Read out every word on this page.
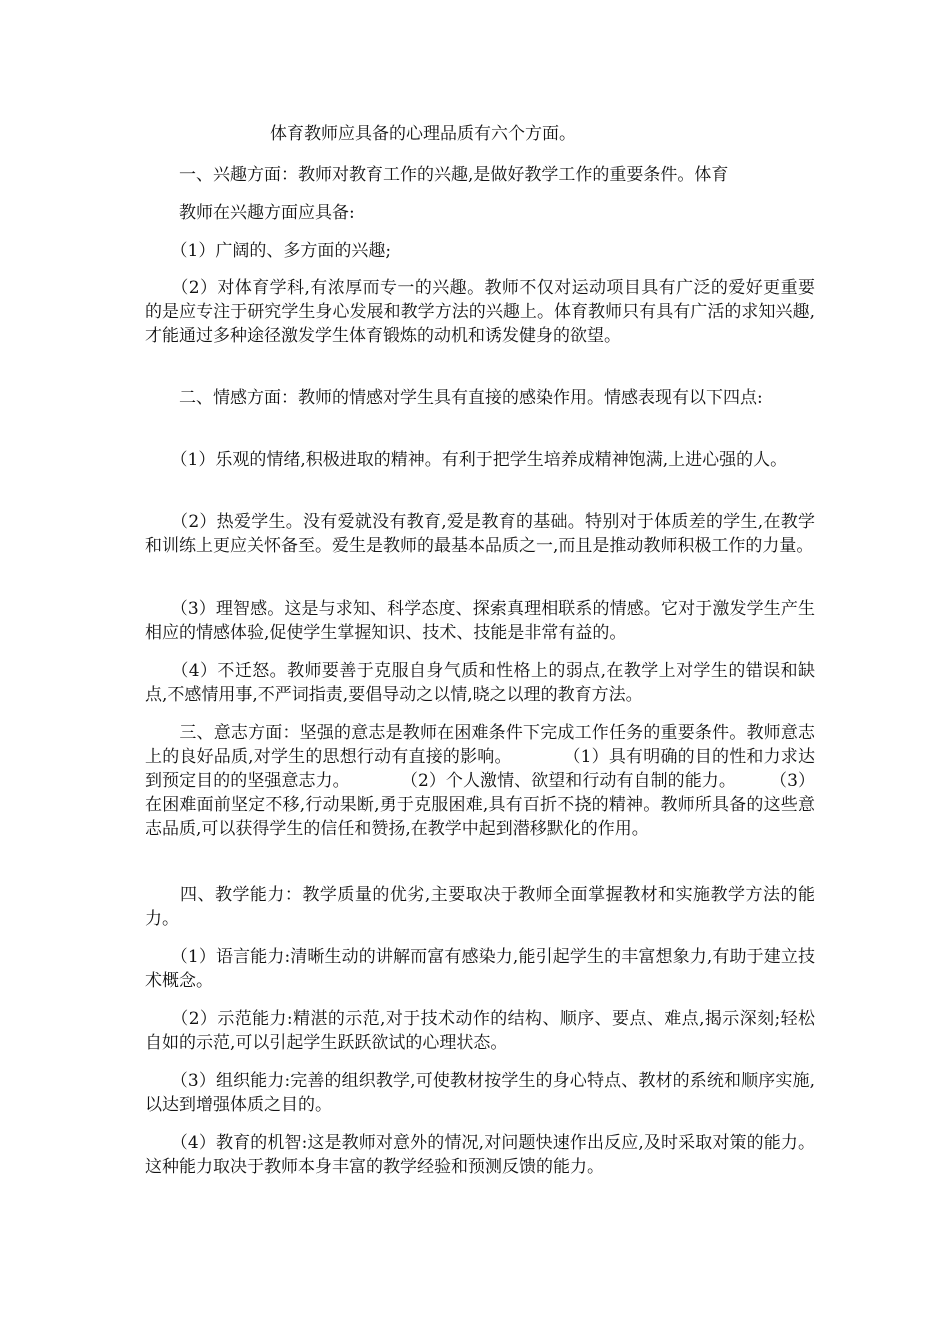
体育教师应具备的心理品质有六个方面。

　　一、兴趣方面：教师对教育工作的兴趣,是做好教学工作的重要条件。体育

　　教师在兴趣方面应具备:

　　（1）广阔的、多方面的兴趣;

　　（2）对体育学科,有浓厚而专一的兴趣。教师不仅对运动项目具有广泛的爱好更重要的是应专注于研究学生身心发展和教学方法的兴趣上。体育教师只有具有广活的求知兴趣,才能通过多种途径激发学生体育锻炼的动机和诱发健身的欲望。

　　二、情感方面：教师的情感对学生具有直接的感染作用。情感表现有以下四点:

　　（1）乐观的情绪,积极进取的精神。有利于把学生培养成精神饱满,上进心强的人。

　　（2）热爱学生。没有爱就没有教育,爱是教育的基础。特别对于体质差的学生,在教学和训练上更应关怀备至。爱生是教师的最基本品质之一,而且是推动教师积极工作的力量。

　　（3）理智感。这是与求知、科学态度、探索真理相联系的情感。它对于激发学生产生相应的情感体验,促使学生掌握知识、技术、技能是非常有益的。

　　（4）不迁怒。教师要善于克服自身气质和性格上的弱点,在教学上对学生的错误和缺点,不感情用事,不严词指责,要倡导动之以情,晓之以理的教育方法。

　　三、意志方面：坚强的意志是教师在困难条件下完成工作任务的重要条件。教师意志上的良好品质,对学生的思想行动有直接的影响。　　　　（1）具有明确的目的性和力求达到预定目的的坚强意志力。　　　　（2）个人激情、欲望和行动有自制的能力。　　　（3）在困难面前坚定不移,行动果断,勇于克服困难,具有百折不挠的精神。教师所具备的这些意志品质,可以获得学生的信任和赞扬,在教学中起到潜移默化的作用。

　　四、教学能力：教学质量的优劣,主要取决于教师全面掌握教材和实施教学方法的能力。

　　（1）语言能力:清晰生动的讲解而富有感染力,能引起学生的丰富想象力,有助于建立技术概念。

　　（2）示范能力:精湛的示范,对于技术动作的结构、顺序、要点、难点,揭示深刻;轻松自如的示范,可以引起学生跃跃欲试的心理状态。

　　（3）组织能力:完善的组织教学,可使教材按学生的身心特点、教材的系统和顺序实施,以达到增强体质之目的。

　　（4）教育的机智:这是教师对意外的情况,对问题快速作出反应,及时采取对策的能力。这种能力取决于教师本身丰富的教学经验和预测反馈的能力。
